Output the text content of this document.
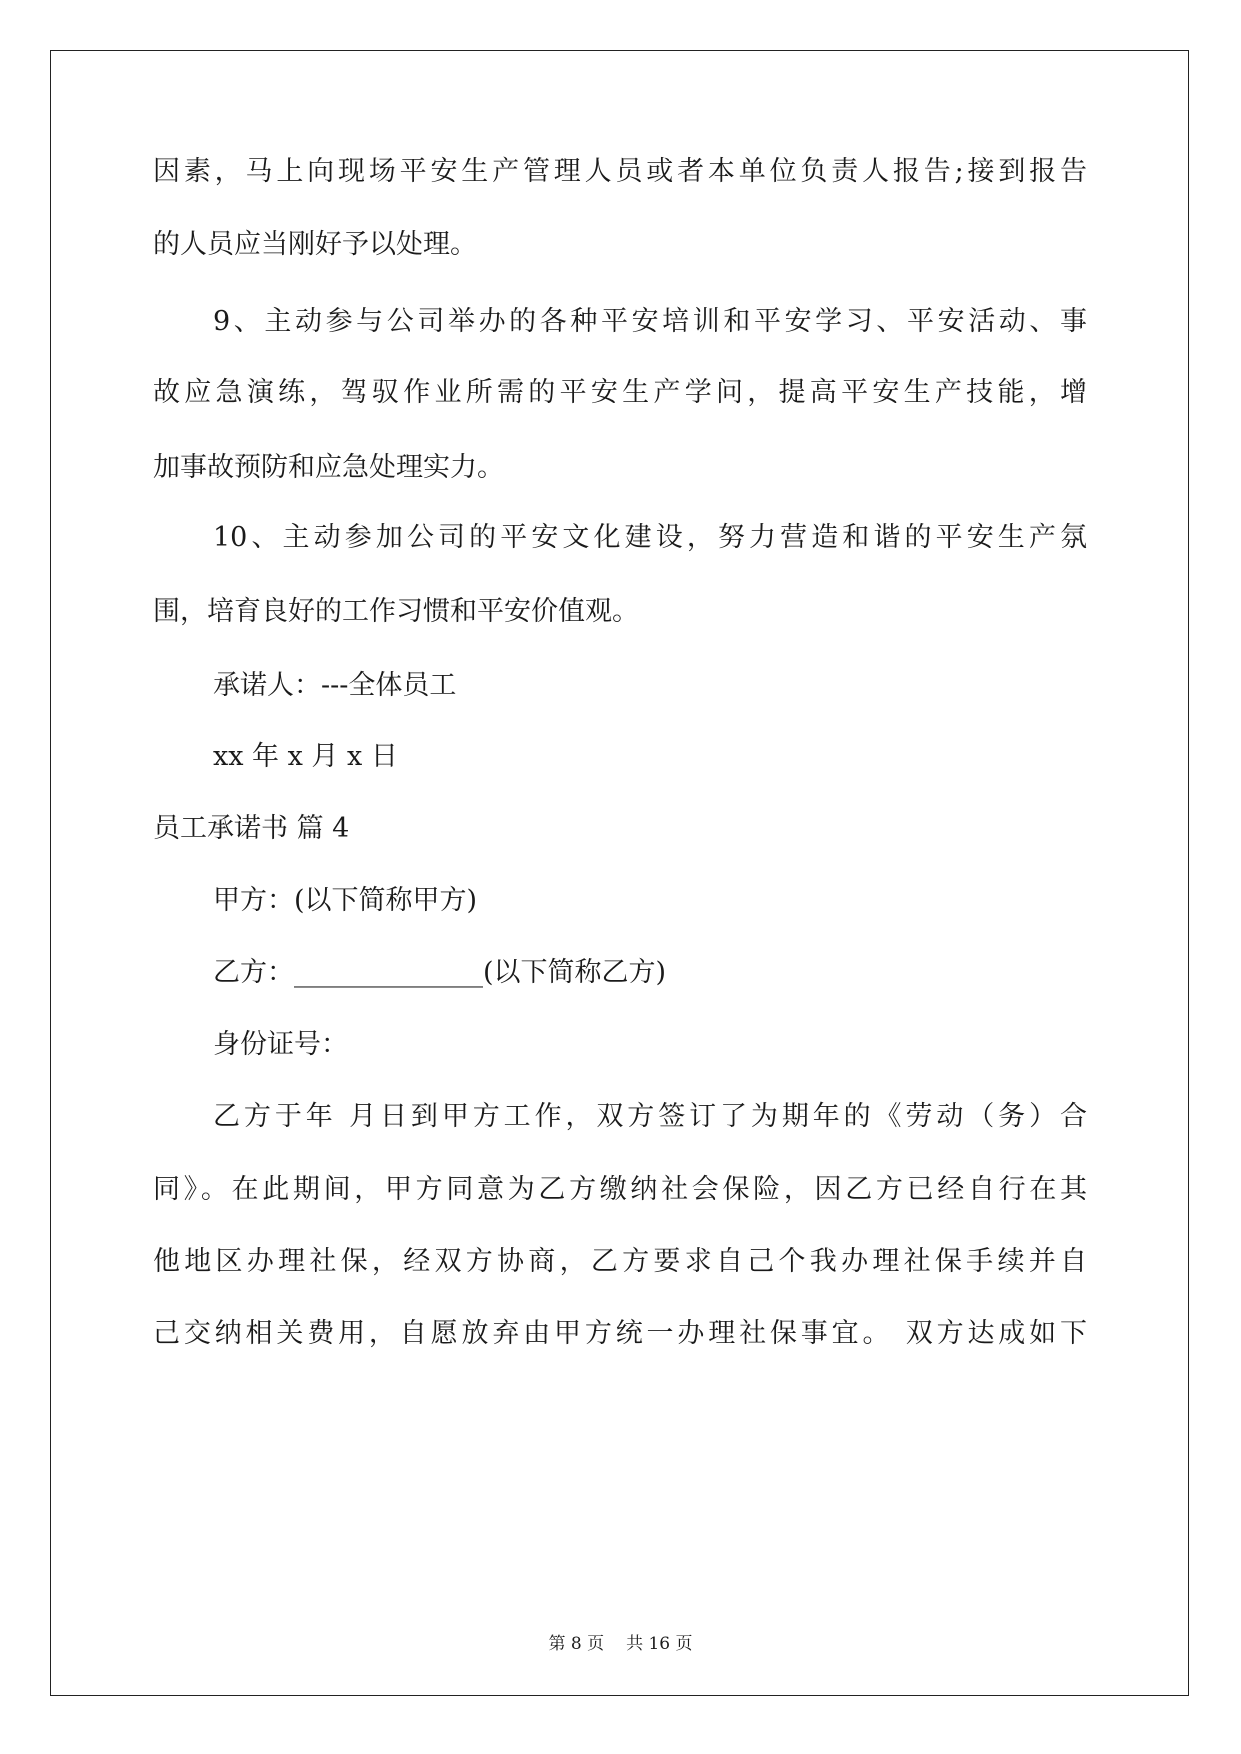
因素，马上向现场平安生产管理人员或者本单位负责人报告;接到报告
的人员应当刚好予以处理。
9、主动参与公司举办的各种平安培训和平安学习、平安活动、事
故应急演练，驾驭作业所需的平安生产学问，提高平安生产技能，增
加事故预防和应急处理实力。
10、主动参加公司的平安文化建设，努力营造和谐的平安生产氛
围，培育良好的工作习惯和平安价值观。
承诺人：---全体员工
xx 年 x 月 x 日
员工承诺书 篇 4
甲方：(以下简称甲方)
乙方：______________(以下简称乙方)
身份证号：
乙方于年 月日到甲方工作，双方签订了为期年的《劳动（务）合
同》。在此期间，甲方同意为乙方缴纳社会保险，因乙方已经自行在其
他地区办理社保，经双方协商，乙方要求自己个我办理社保手续并自
己交纳相关费用，自愿放弃由甲方统一办理社保事宜。 双方达成如下
第 8 页 共 16 页
